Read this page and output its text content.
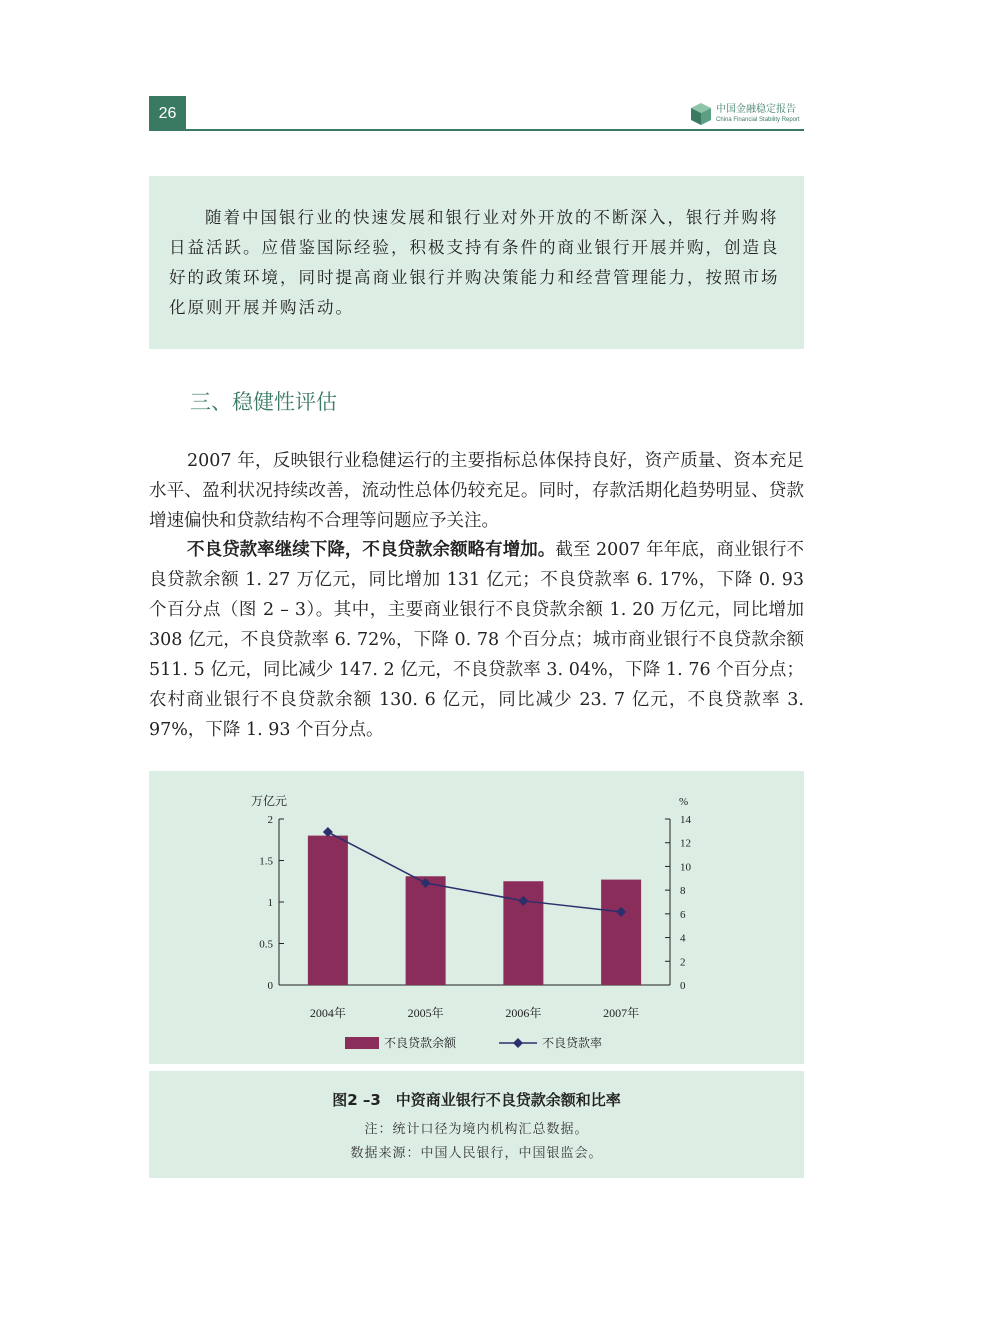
26	中国金融稳定报告
China Financial Stability Report

随着中国银行业的快速发展和银行业对外开放的不断深入，银行并购将日益活跃。应借鉴国际经验，积极支持有条件的商业银行开展并购，创造良好的政策环境，同时提高商业银行并购决策能力和经营管理能力，按照市场化原则开展并购活动。

三、稳健性评估

2007 年，反映银行业稳健运行的主要指标总体保持良好，资产质量、资本充足水平、盈利状况持续改善，流动性总体仍较充足。同时，存款活期化趋势明显、贷款增速偏快和贷款结构不合理等问题应予关注。

不良贷款率继续下降，不良贷款余额略有增加。截至 2007 年年底，商业银行不良贷款余额 1. 27 万亿元，同比增加 131 亿元；不良贷款率 6. 17%，下降 0. 93 个百分点（图 2 – 3）。其中，主要商业银行不良贷款余额 1. 20 万亿元，同比增加 308 亿元，不良贷款率 6. 72%，下降 0. 78 个百分点；城市商业银行不良贷款余额 511. 5 亿元，同比减少 147. 2 亿元，不良贷款率 3. 04%，下降 1. 76 个百分点；农村商业银行不良贷款余额 130. 6 亿元，同比减少 23. 7 亿元，不良贷款率 3. 97%，下降 1. 93 个百分点。

万亿元	%
0
0.5
1
1.5
2
0
2
4
6
8
10
12
14
2004年	2005年	2006年	2007年
不良贷款余额	不良贷款率

图2 –3　中资商业银行不良贷款余额和比率

注：统计口径为境内机构汇总数据。

数据来源：中国人民银行，中国银监会。
